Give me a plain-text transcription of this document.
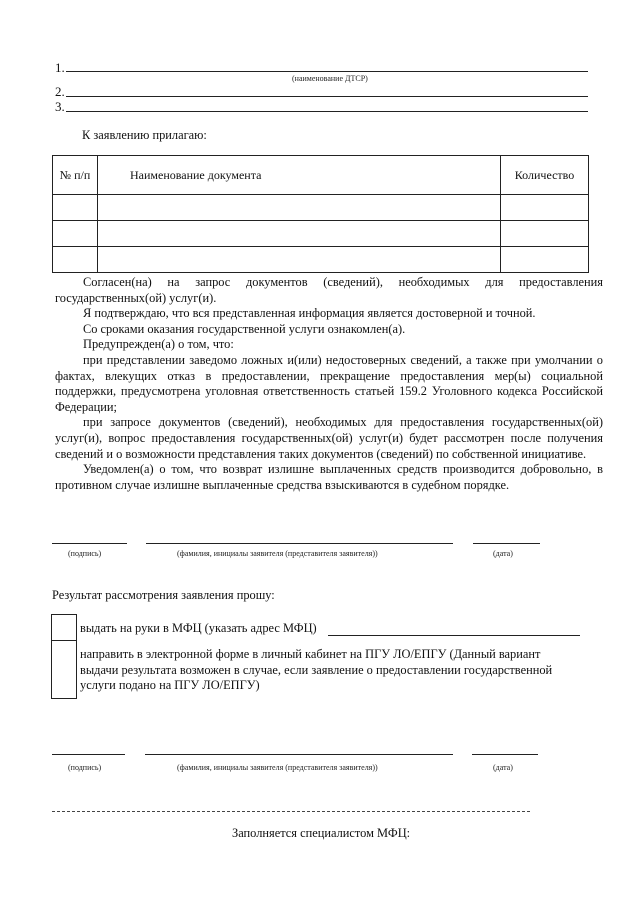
1.
(наименование ДТСР)
2.
3.
К заявлению прилагаю:
№ п/п	Наименование документа	Количество

Согласен(на) на запрос документов (сведений), необходимых для предоставления государственных(ой) услуг(и).

Я подтверждаю, что вся представленная информация является достоверной и точной.

Со сроками оказания государственной услуги ознакомлен(а).

Предупрежден(а) о том, что:

при представлении заведомо ложных и(или) недостоверных сведений, а также при умолчании о фактах, влекущих отказ в предоставлении, прекращение предоставления мер(ы) социальной поддержки, предусмотрена уголовная ответственность статьей 159.2 Уголовного кодекса Российской Федерации;

при запросе документов (сведений), необходимых для предоставления государственных(ой) услуг(и), вопрос предоставления государственных(ой) услуг(и) будет рассмотрен после получения сведений и о возможности представления таких документов (сведений) по собственной инициативе.

Уведомлен(а) о том, что возврат излишне выплаченных средств производится добровольно, в противном случае излишне выплаченные средства взыскиваются в судебном порядке.

(подпись)	(фамилия, инициалы заявителя (представителя заявителя))	(дата)
Результат рассмотрения заявления прошу:
выдать на руки в МФЦ (указать адрес МФЦ)
направить в электронной форме в личный кабинет на ПГУ ЛО/ЕПГУ (Данный вариант выдачи результата возможен в случае, если заявление о предоставлении государственной услуги подано на ПГУ ЛО/ЕПГУ)
(подпись)	(фамилия, инициалы заявителя (представителя заявителя))	(дата)
Заполняется специалистом МФЦ:
